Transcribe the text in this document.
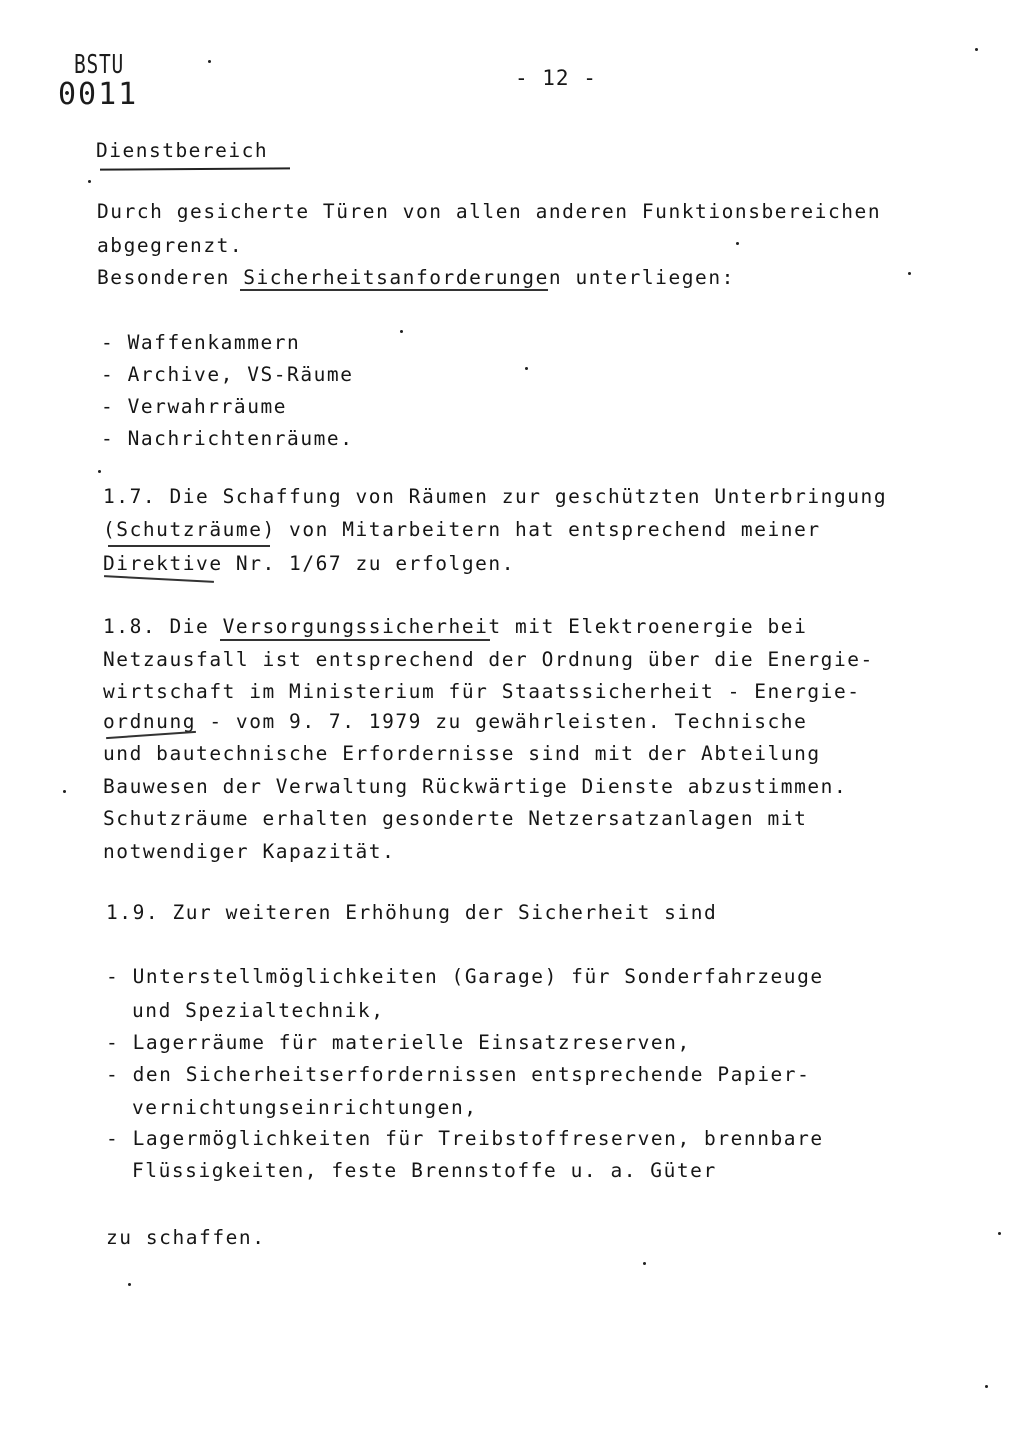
BSTU
0011	- 12 -
Dienstbereich
Durch gesicherte Türen von allen anderen Funktionsbereichen
abgegrenzt.
Besonderen Sicherheitsanforderungen unterliegen:
- Waffenkammern
- Archive, VS-Räume
- Verwahrräume
- Nachrichtenräume.
1.7. Die Schaffung von Räumen zur geschützten Unterbringung
(Schutzräume) von Mitarbeitern hat entsprechend meiner
Direktive Nr. 1/67 zu erfolgen.
1.8. Die Versorgungssicherheit mit Elektroenergie bei
Netzausfall ist entsprechend der Ordnung über die Energie-
wirtschaft im Ministerium für Staatssicherheit - Energie-
ordnung - vom 9. 7. 1979 zu gewährleisten. Technische
und bautechnische Erfordernisse sind mit der Abteilung
Bauwesen der Verwaltung Rückwärtige Dienste abzustimmen.
Schutzräume erhalten gesonderte Netzersatzanlagen mit
notwendiger Kapazität.
1.9. Zur weiteren Erhöhung der Sicherheit sind
- Unterstellmöglichkeiten (Garage) für Sonderfahrzeuge
und Spezialtechnik,
- Lagerräume für materielle Einsatzreserven,
- den Sicherheitserfordernissen entsprechende Papier-
vernichtungseinrichtungen,
- Lagermöglichkeiten für Treibstoffreserven, brennbare
Flüssigkeiten, feste Brennstoffe u. a. Güter
zu schaffen.
